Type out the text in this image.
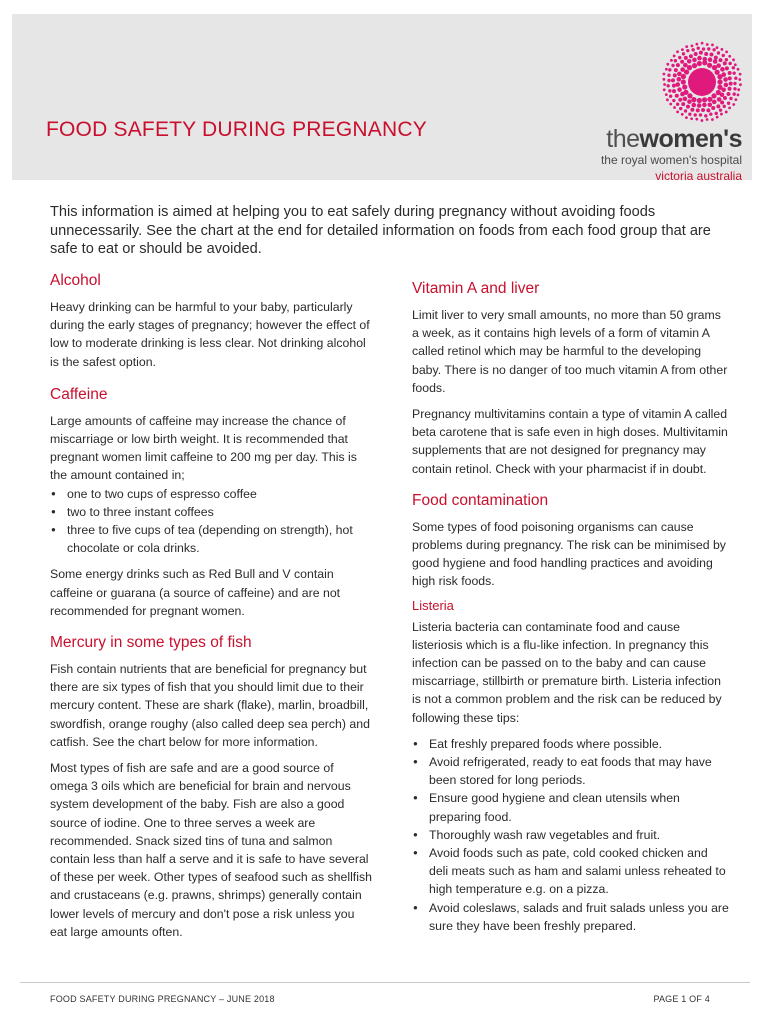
FOOD SAFETY DURING PREGNANCY	thewomen's
the royal women's hospital
victoria australia

This information is aimed at helping you to eat safely during pregnancy without avoiding foods unnecessarily. See the chart at the end for detailed information on foods from each food group that are safe to eat or should be avoided.

Alcohol

Heavy drinking can be harmful to your baby, particularly during the early stages of pregnancy; however the effect of low to moderate drinking is less clear. Not drinking alcohol is the safest option.

Caffeine

Large amounts of caffeine may increase the chance of miscarriage or low birth weight. It is recommended that pregnant women limit caffeine to 200 mg per day. This is the amount contained in;

● one to two cups of espresso coffee
● two to three instant coffees
● three to five cups of tea (depending on strength), hot chocolate or cola drinks.

Some energy drinks such as Red Bull and V contain caffeine or guarana (a source of caffeine) and are not recommended for pregnant women.

Mercury in some types of fish

Fish contain nutrients that are beneficial for pregnancy but there are six types of fish that you should limit due to their mercury content. These are shark (flake), marlin, broadbill, swordfish, orange roughy (also called deep sea perch) and catfish. See the chart below for more information.

Most types of fish are safe and are a good source of omega 3 oils which are beneficial for brain and nervous system development of the baby. Fish are also a good source of iodine. One to three serves a week are recommended. Snack sized tins of tuna and salmon contain less than half a serve and it is safe to have several of these per week. Other types of seafood such as shellfish and crustaceans (e.g. prawns, shrimps) generally contain lower levels of mercury and don't pose a risk unless you eat large amounts often.

Vitamin A and liver

Limit liver to very small amounts, no more than 50 grams a week, as it contains high levels of a form of vitamin A called retinol which may be harmful to the developing baby. There is no danger of too much vitamin A from other foods.

Pregnancy multivitamins contain a type of vitamin A called beta carotene that is safe even in high doses. Multivitamin supplements that are not designed for pregnancy may contain retinol. Check with your pharmacist if in doubt.

Food contamination

Some types of food poisoning organisms can cause problems during pregnancy. The risk can be minimised by good hygiene and food handling practices and avoiding high risk foods.

Listeria

Listeria bacteria can contaminate food and cause listeriosis which is a flu-like infection. In pregnancy this infection can be passed on to the baby and can cause miscarriage, stillbirth or premature birth. Listeria infection is not a common problem and the risk can be reduced by following these tips:

● Eat freshly prepared foods where possible.
● Avoid refrigerated, ready to eat foods that may have been stored for long periods.
● Ensure good hygiene and clean utensils when preparing food.
● Thoroughly wash raw vegetables and fruit.
● Avoid foods such as pate, cold cooked chicken and deli meats such as ham and salami unless reheated to high temperature e.g. on a pizza.
● Avoid coleslaws, salads and fruit salads unless you are sure they have been freshly prepared.
FOOD SAFETY DURING PREGNANCY – JUNE 2018	PAGE 1 OF 4
